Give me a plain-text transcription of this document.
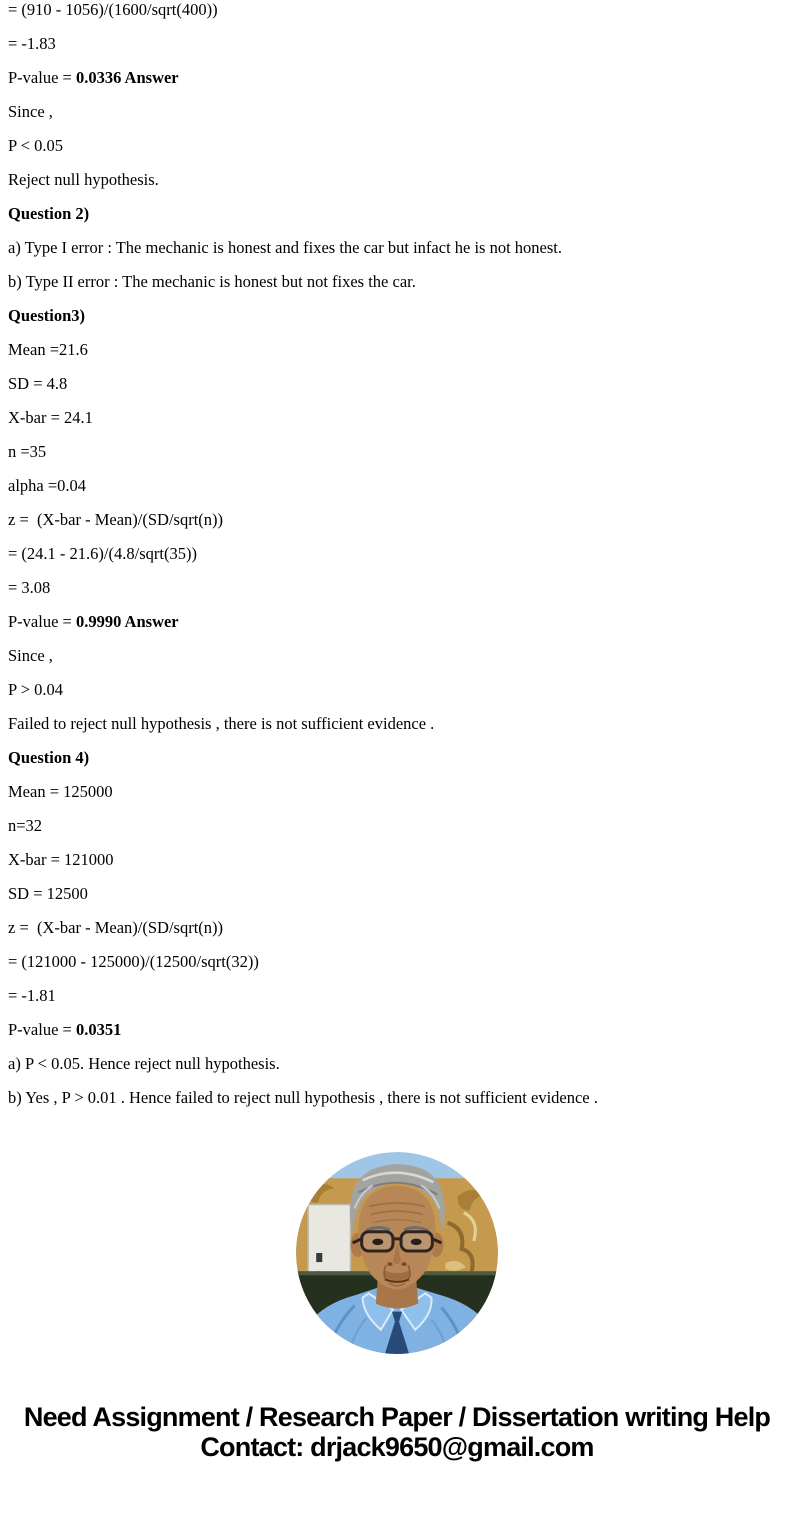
= (910 - 1056)/(1600/sqrt(400))

= -1.83

P-value = 0.0336 Answer

Since ,

P < 0.05

Reject null hypothesis.

Question 2)

a) Type I error : The mechanic is honest and fixes the car but infact he is not honest.

b) Type II error : The mechanic is honest but not fixes the car.

Question3)

Mean =21.6

SD = 4.8

X-bar = 24.1

n =35

alpha =0.04

z =  (X-bar - Mean)/(SD/sqrt(n))

= (24.1 - 21.6)/(4.8/sqrt(35))

= 3.08

P-value = 0.9990 Answer

Since ,

P > 0.04

Failed to reject null hypothesis , there is not sufficient evidence .

Question 4)

Mean = 125000

n=32

X-bar = 121000

SD = 12500

z =  (X-bar - Mean)/(SD/sqrt(n))

= (121000 - 125000)/(12500/sqrt(32))

= -1.81

P-value = 0.0351

a) P < 0.05. Hence reject null hypothesis.

b) Yes , P > 0.01 . Hence failed to reject null hypothesis , there is not sufficient evidence .

Need Assignment / Research Paper / Dissertation writing Help
Contact: drjack9650@gmail.com
